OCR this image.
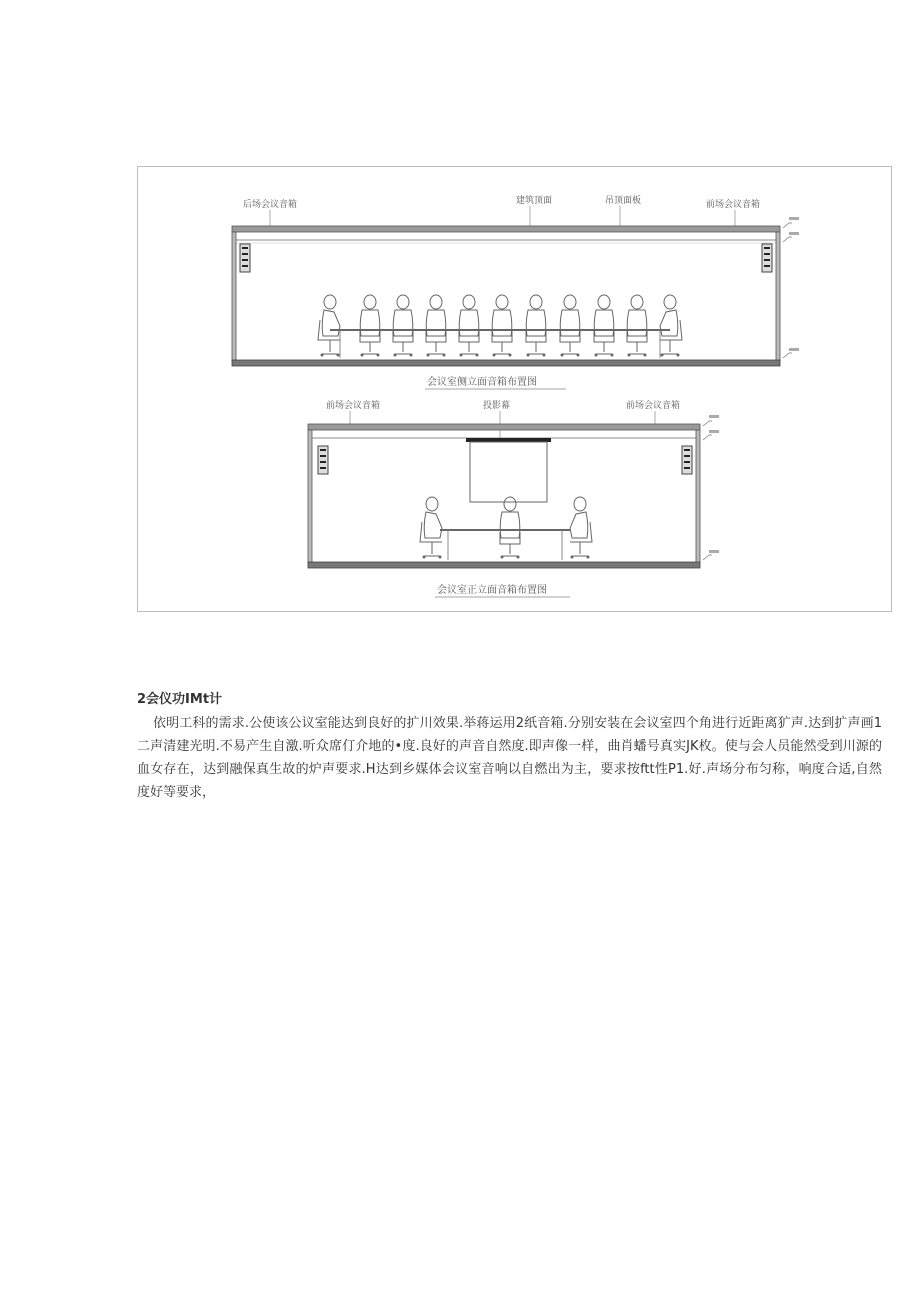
后场会议音箱	建筑顶面	吊顶面板	前场会议音箱
会议室侧立面音箱布置图
前场会议音箱	投影幕	前场会议音箱
会议室正立面音箱布置图
2会仪功IMt计
依明工科的需求.公使该公议室能达到良好的扩川效果.举蒋运用2纸音箱.分别安装在会议室四个角进行近距离犷声.达到扩声画1二声清建光明.不易产生自激.听众席仃介地的•度.良好的声音自然度.即声像一样，曲肖蟠号真实JK枚。使与会人员能然受到川源的血女存在，达到融保真生故的炉声要求.H达到乡媒体会议室音响以自燃出为主，要求按ftt性P1.好.声场分布匀称，响度合适,自然度好等要求，
